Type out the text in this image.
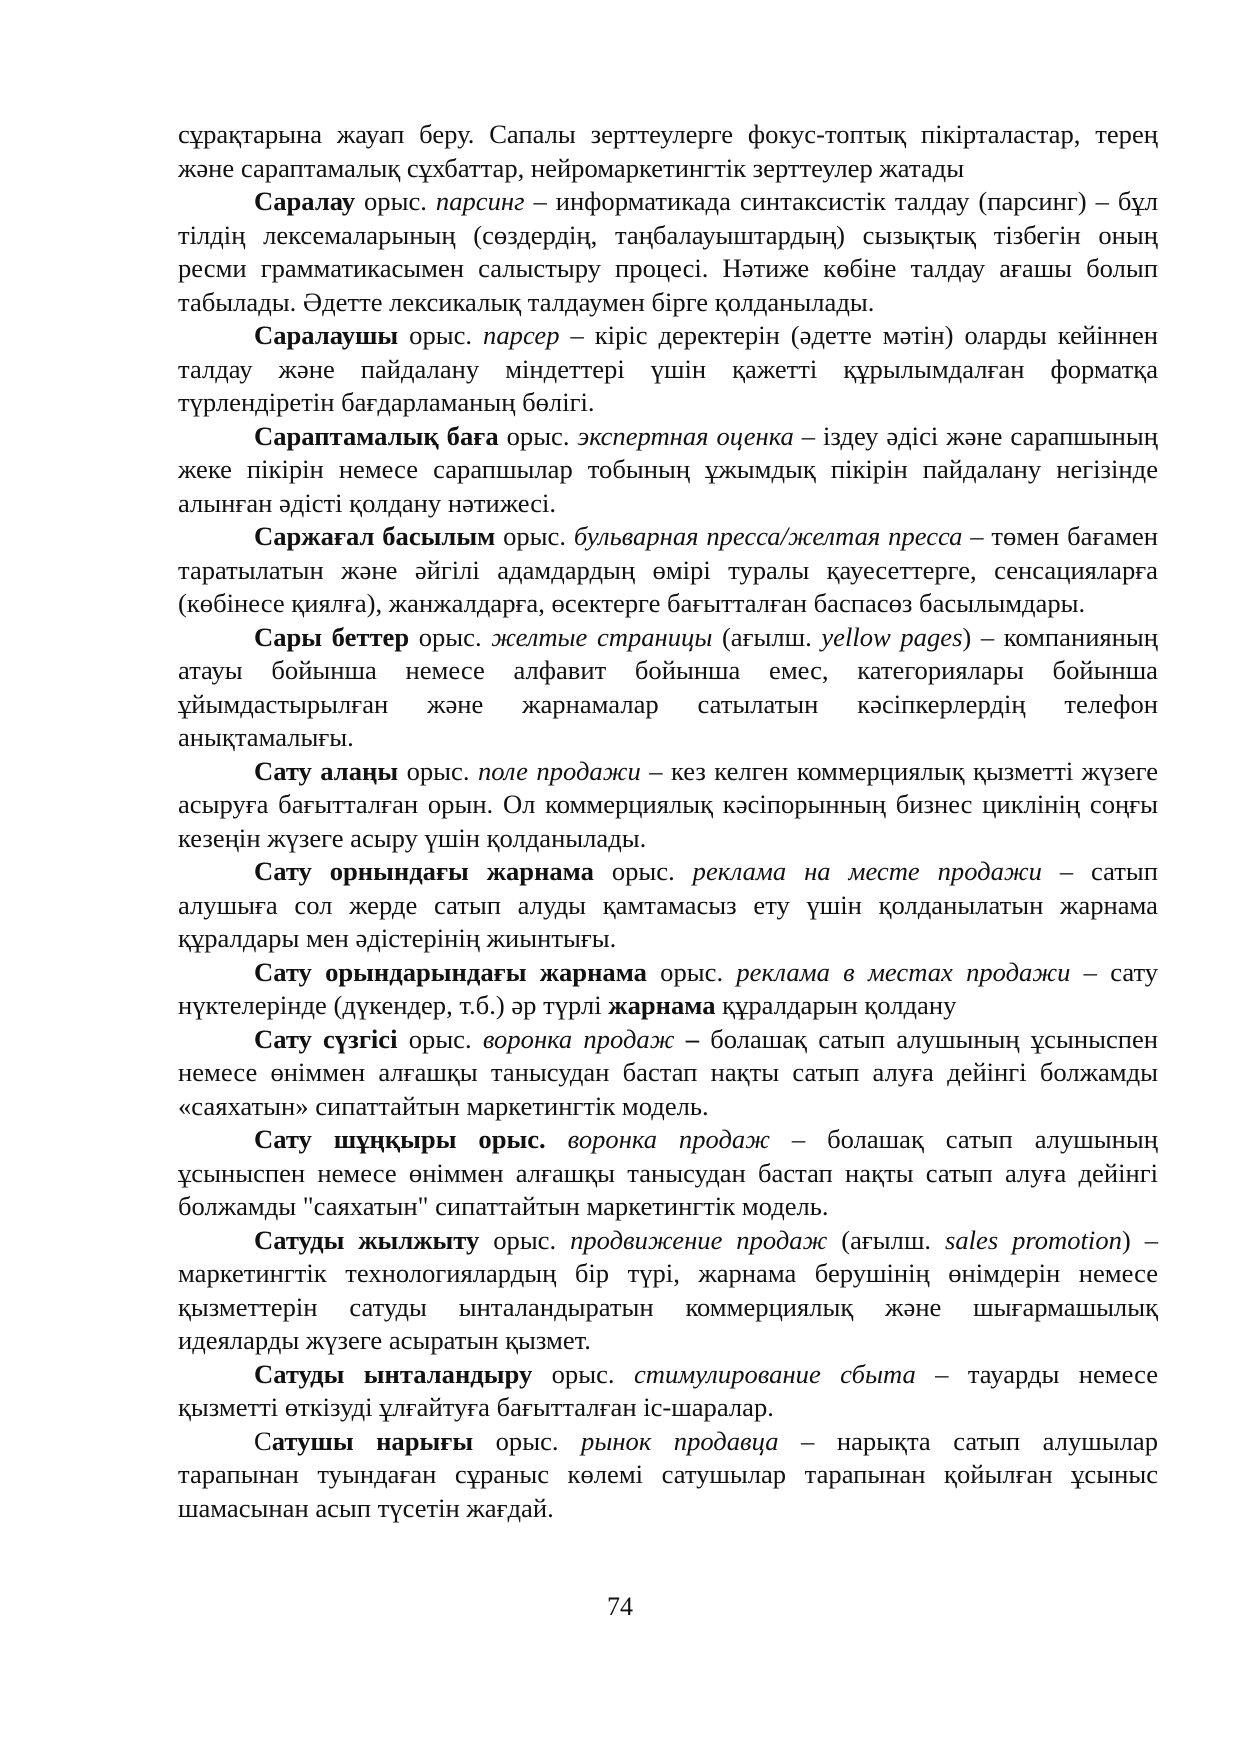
сұрақтарына жауап беру. Сапалы зерттеулерге фокус-топтық пікірталастар, терең және сараптамалық сұхбаттар, нейромаркетингтік зерттеулер жатады

Саралау орыс. парсинг – информатикада синтаксистік талдау (парсинг) – бұл тілдің лексемаларының (сөздердің, таңбалауыштардың) сызықтық тізбегін оның ресми грамматикасымен салыстыру процесі. Нәтиже көбіне талдау ағашы болып табылады. Әдетте лексикалық талдаумен бірге қолданылады.

Саралаушы орыс. парсер – кіріс деректерін (әдетте мәтін) оларды кейіннен талдау және пайдалану міндеттері үшін қажетті құрылымдалған форматқа түрлендіретін бағдарламаның бөлігі.

Сараптамалық баға орыс. экспертная оценка – іздеу әдісі және сарапшының жеке пікірін немесе сарапшылар тобының ұжымдық пікірін пайдалану негізінде алынған әдісті қолдану нәтижесі.

Саржағал басылым орыс. бульварная пресса/желтая пресса – төмен бағамен таратылатын және әйгілі адамдардың өмірі туралы қауесеттерге, сенсацияларға (көбінесе қиялға), жанжалдарға, өсектерге бағытталған баспасөз басылымдары.

Сары беттер орыс. желтые страницы (ағылш. yellow pages) – компанияның атауы бойынша немесе алфавит бойынша емес, категориялары бойынша ұйымдастырылған және жарнамалар сатылатын кәсіпкерлердің телефон анықтамалығы.

Сату алаңы орыс. поле продажи – кез келген коммерциялық қызметті жүзеге асыруға бағытталған орын. Ол коммерциялық кәсіпорынның бизнес циклінің соңғы кезеңін жүзеге асыру үшін қолданылады.

Сату орнындағы жарнама орыс. реклама на месте продажи – сатып алушыға сол жерде сатып алуды қамтамасыз ету үшін қолданылатын жарнама құралдары мен әдістерінің жиынтығы.

Сату орындарындағы жарнама орыс. реклама в местах продажи – сату нүктелерінде (дүкендер, т.б.) әр түрлі жарнама құралдарын қолдану

Сату сүзгісі орыс. воронка продаж – болашақ сатып алушының ұсыныспен немесе өніммен алғашқы танысудан бастап нақты сатып алуға дейінгі болжамды «саяхатын» сипаттайтын маркетингтік модель.

Сату шұңқыры орыс. воронка продаж – болашақ сатып алушының ұсыныспен немесе өніммен алғашқы танысудан бастап нақты сатып алуға дейінгі болжамды "саяхатын" сипаттайтын маркетингтік модель.

Сатуды жылжыту орыс. продвижение продаж (ағылш. sales promotion) – маркетингтік технологиялардың бір түрі, жарнама берушінің өнімдерін немесе қызметтерін сатуды ынталандыратын коммерциялық және шығармашылық идеяларды жүзеге асыратын қызмет.

Сатуды ынталандыру орыс. стимулирование сбыта – тауарды немесе қызметті өткізуді ұлғайтуға бағытталған іс-шаралар.

Сатушы нарығы орыс. рынок продавца – нарықта сатып алушылар тарапынан туындаған сұраныс көлемі сатушылар тарапынан қойылған ұсыныс шамасынан асып түсетін жағдай.

74
